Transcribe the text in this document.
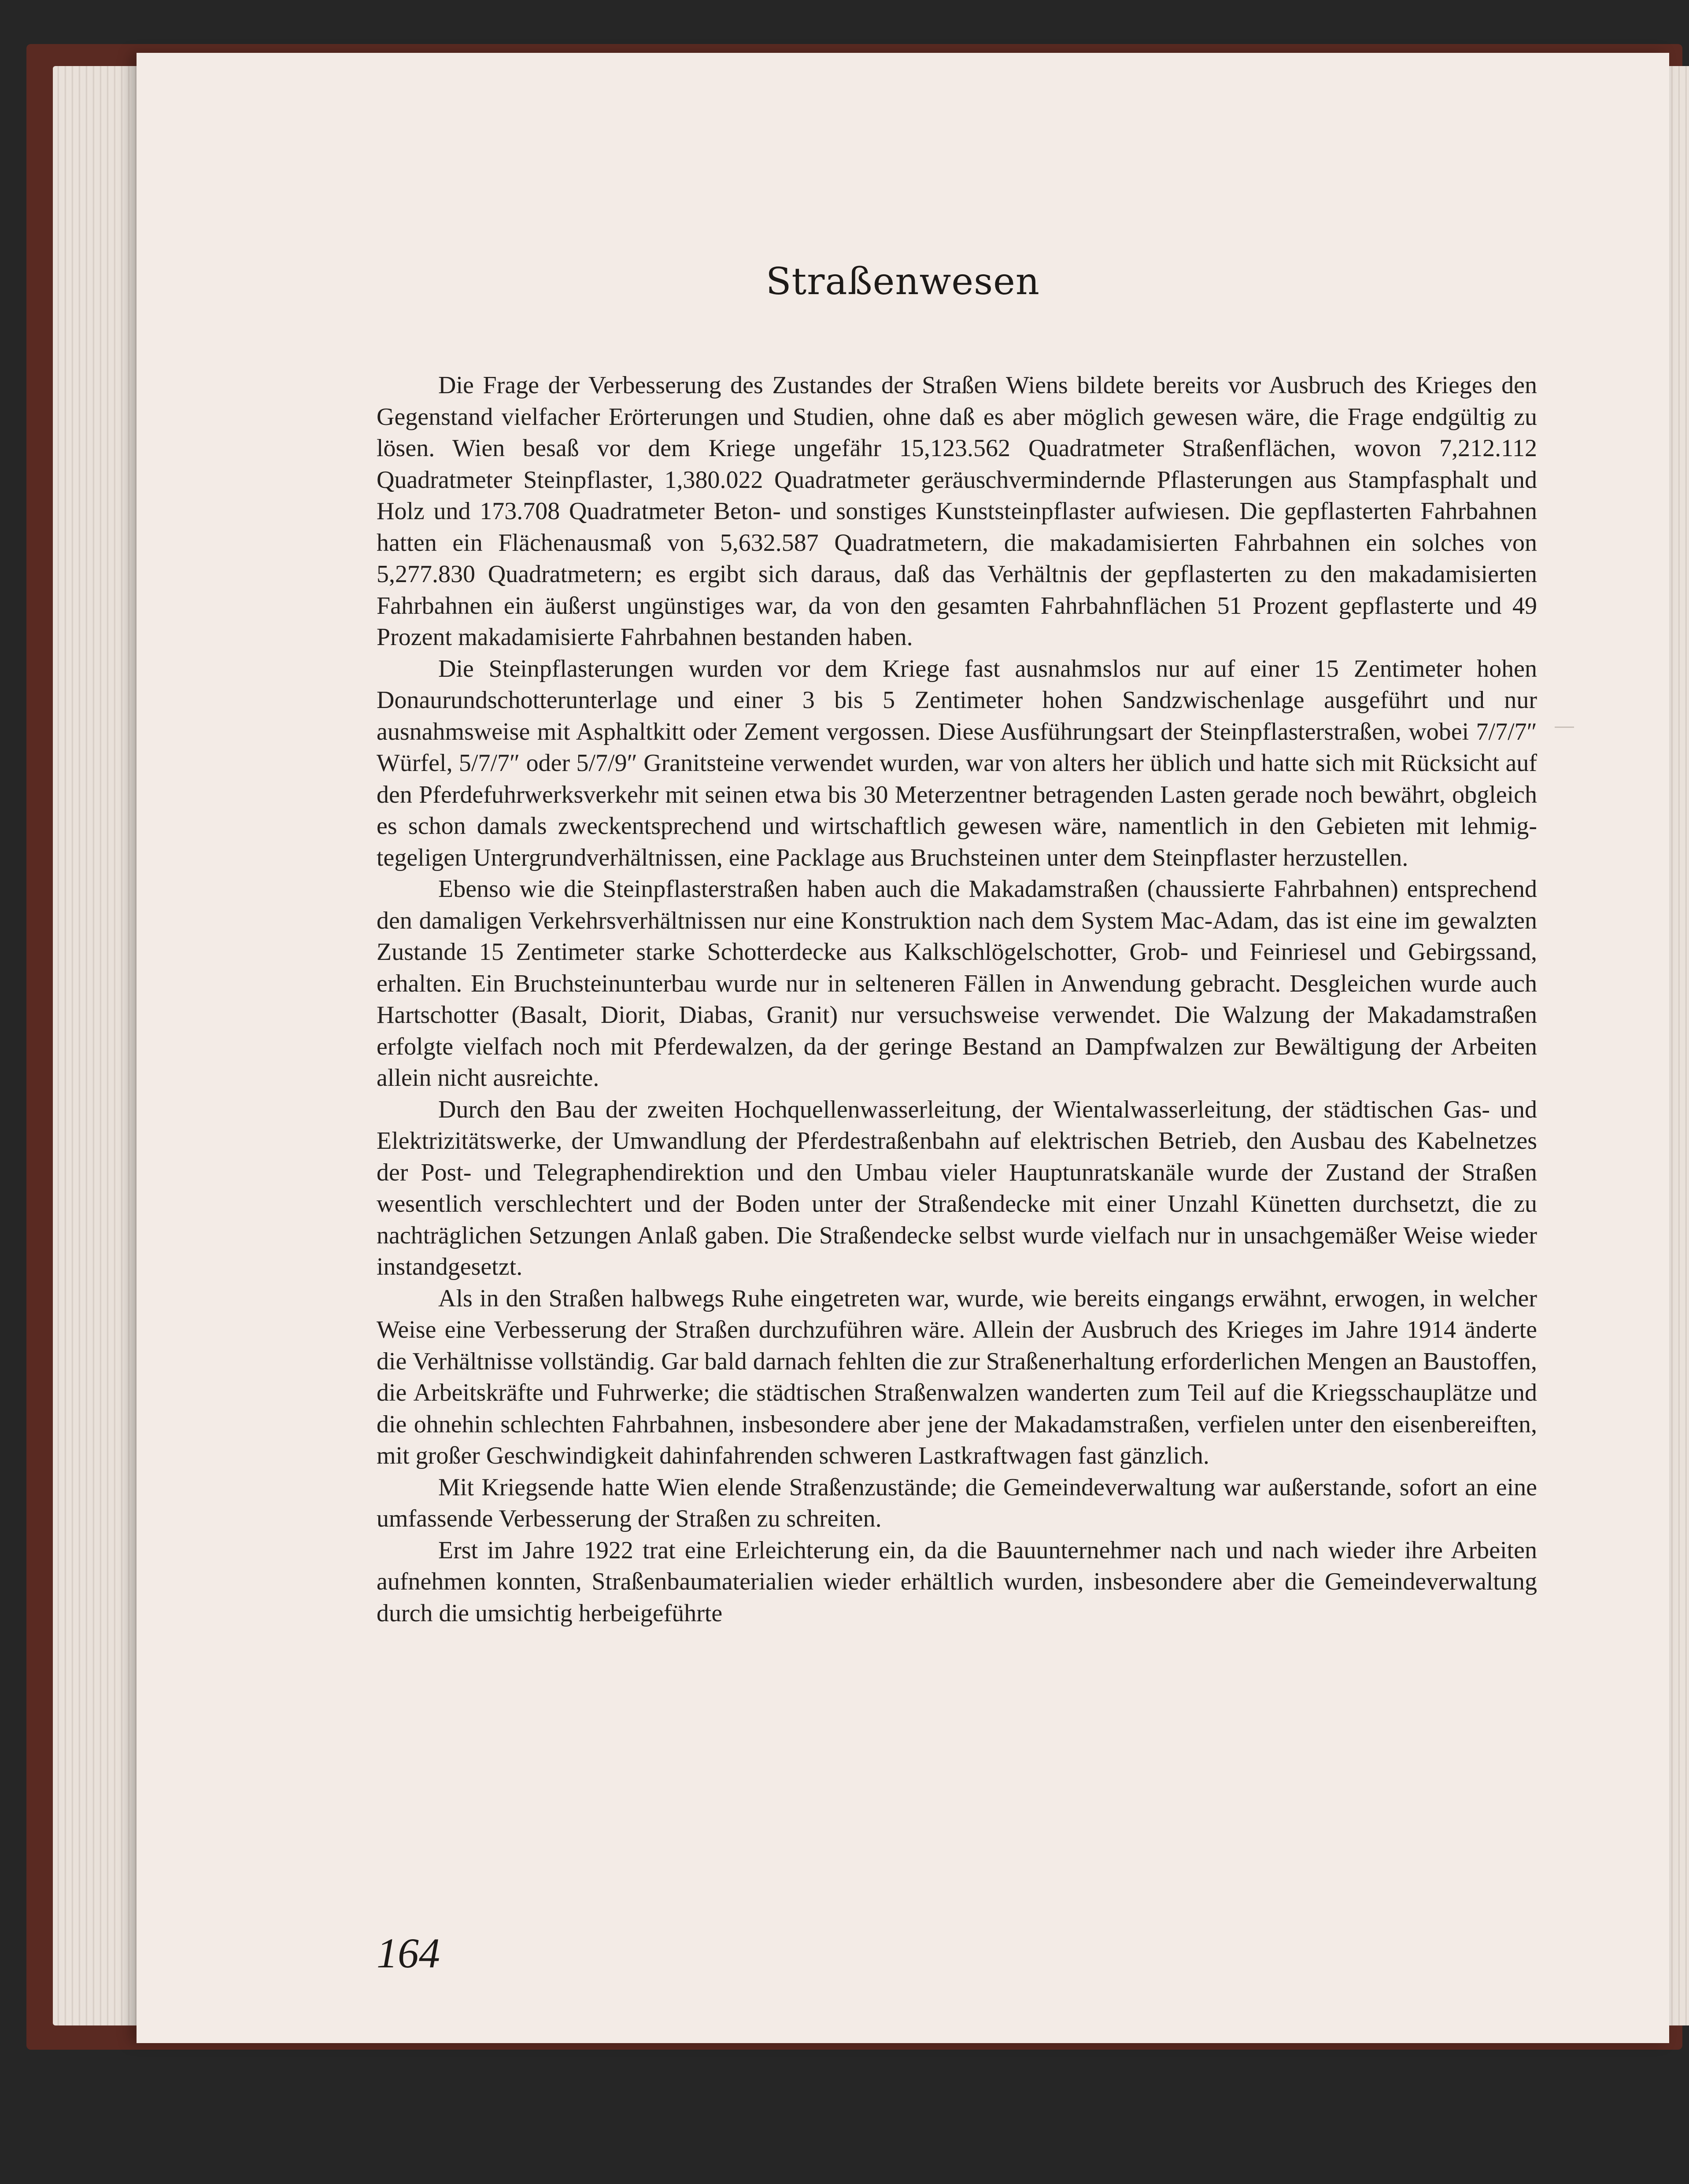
Straßenwesen

Die Frage der Verbesserung des Zustandes der Straßen Wiens bildete bereits vor Ausbruch des Krieges den Gegenstand vielfacher Erörterungen und Studien, ohne daß es aber möglich gewesen wäre, die Frage endgültig zu lösen. Wien besaß vor dem Kriege ungefähr 15,123.562 Quadratmeter Straßenflächen, wovon 7,212.112 Quadratmeter Steinpflaster, 1,380.022 Quadratmeter geräuschvermindernde Pflasterungen aus Stampfasphalt und Holz und 173.708 Quadratmeter Beton- und sonstiges Kunststeinpflaster aufwiesen. Die gepflasterten Fahrbahnen hatten ein Flächenausmaß von 5,632.587 Quadratmetern, die makadamisierten Fahrbahnen ein solches von 5,277.830 Quadratmetern; es ergibt sich daraus, daß das Verhältnis der gepflasterten zu den makadamisierten Fahrbahnen ein äußerst ungünstiges war, da von den gesamten Fahrbahnflächen 51 Prozent gepflasterte und 49 Prozent makadamisierte Fahrbahnen bestanden haben.

Die Steinpflasterungen wurden vor dem Kriege fast ausnahmslos nur auf einer 15 Zentimeter hohen Donaurundschotterunterlage und einer 3 bis 5 Zentimeter hohen Sandzwischenlage ausgeführt und nur ausnahmsweise mit Asphaltkitt oder Zement vergossen. Diese Ausführungsart der Steinpflasterstraßen, wobei 7/7/7″ Würfel, 5/7/7″ oder 5/7/9″ Granitsteine verwendet wurden, war von alters her üblich und hatte sich mit Rücksicht auf den Pferdefuhrwerksverkehr mit seinen etwa bis 30 Meterzentner betragenden Lasten gerade noch bewährt, obgleich es schon damals zweckentsprechend und wirtschaftlich gewesen wäre, namentlich in den Gebieten mit lehmig-tegeligen Untergrundverhältnissen, eine Packlage aus Bruchsteinen unter dem Steinpflaster herzustellen.

Ebenso wie die Steinpflasterstraßen haben auch die Makadamstraßen (chaussierte Fahrbahnen) entsprechend den damaligen Verkehrsverhältnissen nur eine Konstruktion nach dem System Mac-Adam, das ist eine im gewalzten Zustande 15 Zentimeter starke Schotterdecke aus Kalkschlögelschotter, Grob- und Feinriesel und Gebirgssand, erhalten. Ein Bruchsteinunterbau wurde nur in selteneren Fällen in Anwendung gebracht. Desgleichen wurde auch Hartschotter (Basalt, Diorit, Diabas, Granit) nur versuchsweise verwendet. Die Walzung der Makadamstraßen erfolgte vielfach noch mit Pferdewalzen, da der geringe Bestand an Dampfwalzen zur Bewältigung der Arbeiten allein nicht ausreichte.

Durch den Bau der zweiten Hochquellenwasserleitung, der Wientalwasserleitung, der städtischen Gas- und Elektrizitätswerke, der Umwandlung der Pferdestraßenbahn auf elektrischen Betrieb, den Ausbau des Kabelnetzes der Post- und Telegraphendirektion und den Umbau vieler Hauptunratskanäle wurde der Zustand der Straßen wesentlich verschlechtert und der Boden unter der Straßendecke mit einer Unzahl Künetten durchsetzt, die zu nachträglichen Setzungen Anlaß gaben. Die Straßendecke selbst wurde vielfach nur in unsachgemäßer Weise wieder instandgesetzt.

Als in den Straßen halbwegs Ruhe eingetreten war, wurde, wie bereits eingangs erwähnt, erwogen, in welcher Weise eine Verbesserung der Straßen durchzuführen wäre. Allein der Ausbruch des Krieges im Jahre 1914 änderte die Verhältnisse vollständig. Gar bald darnach fehlten die zur Straßenerhaltung erforderlichen Mengen an Baustoffen, die Arbeitskräfte und Fuhrwerke; die städtischen Straßenwalzen wanderten zum Teil auf die Kriegsschauplätze und die ohnehin schlechten Fahrbahnen, insbesondere aber jene der Makadamstraßen, verfielen unter den eisenbereiften, mit großer Geschwindigkeit dahinfahrenden schweren Lastkraftwagen fast gänzlich.

Mit Kriegsende hatte Wien elende Straßenzustände; die Gemeindeverwaltung war außerstande, sofort an eine umfassende Verbesserung der Straßen zu schreiten.

Erst im Jahre 1922 trat eine Erleichterung ein, da die Bauunternehmer nach und nach wieder ihre Arbeiten aufnehmen konnten, Straßenbaumaterialien wieder erhältlich wurden, insbesondere aber die Gemeindeverwaltung durch die umsichtig herbeigeführte

164
